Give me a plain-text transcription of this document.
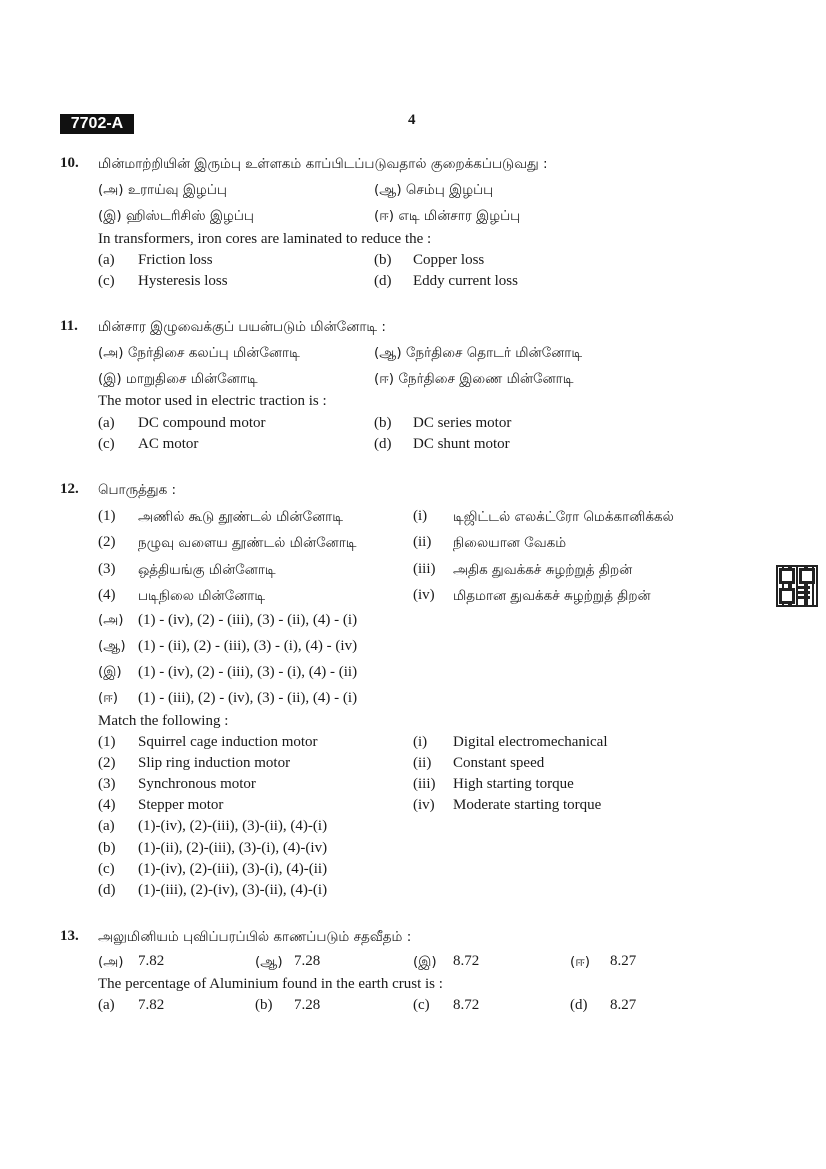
7702-A	4
10. மின்மாற்றியின் இரும்பு உள்ளகம் காப்பிடப்படுவதால் குறைக்கப்படுவது :
(அ) உராய்வு இழப்பு	(ஆ) செம்பு இழப்பு
(இ) ஹிஸ்டரிசிஸ் இழப்பு	(ஈ) எடி மின்சார இழப்பு
In transformers, iron cores are laminated to reduce the :
(a) Friction loss	(b) Copper loss
(c) Hysteresis loss	(d) Eddy current loss
11. மின்சார இழுவைக்குப் பயன்படும் மின்னோடி :
(அ) நேர்திசை கலப்பு மின்னோடி	(ஆ) நேர்திசை தொடர் மின்னோடி
(இ) மாறுதிசை மின்னோடி	(ஈ) நேர்திசை இணை மின்னோடி
The motor used in electric traction is :
(a) DC compound motor	(b) DC series motor
(c) AC motor	(d) DC shunt motor
12. பொருத்துக :
(1) அணில் கூடு தூண்டல் மின்னோடி	(i) டிஜிட்டல் எலக்ட்ரோ மெக்கானிக்கல்
(2) நழுவு வளைய தூண்டல் மின்னோடி	(ii) நிலையான வேகம்
(3) ஒத்தியங்கு மின்னோடி	(iii) அதிக துவக்கச் சுழற்றுத் திறன்
(4) படிநிலை மின்னோடி	(iv) மிதமான துவக்கச் சுழற்றுத் திறன்
(அ) (1) - (iv), (2) - (iii), (3) - (ii), (4) - (i)
(ஆ) (1) - (ii), (2) - (iii), (3) - (i), (4) - (iv)
(இ) (1) - (iv), (2) - (iii), (3) - (i), (4) - (ii)
(ஈ) (1) - (iii), (2) - (iv), (3) - (ii), (4) - (i)
Match the following :
(1) Squirrel cage induction motor	(i) Digital electromechanical
(2) Slip ring induction motor	(ii) Constant speed
(3) Synchronous motor	(iii) High starting torque
(4) Stepper motor	(iv) Moderate starting torque
(a) (1)-(iv), (2)-(iii), (3)-(ii), (4)-(i)
(b) (1)-(ii), (2)-(iii), (3)-(i), (4)-(iv)
(c) (1)-(iv), (2)-(iii), (3)-(i), (4)-(ii)
(d) (1)-(iii), (2)-(iv), (3)-(ii), (4)-(i)
13. அலுமினியம் புவிப்பரப்பில் காணப்படும் சதவீதம் :
(அ) 7.82	(ஆ) 7.28	(இ) 8.72	(ஈ) 8.27
The percentage of Aluminium found in the earth crust is :
(a) 7.82	(b) 7.28	(c) 8.72	(d) 8.27
